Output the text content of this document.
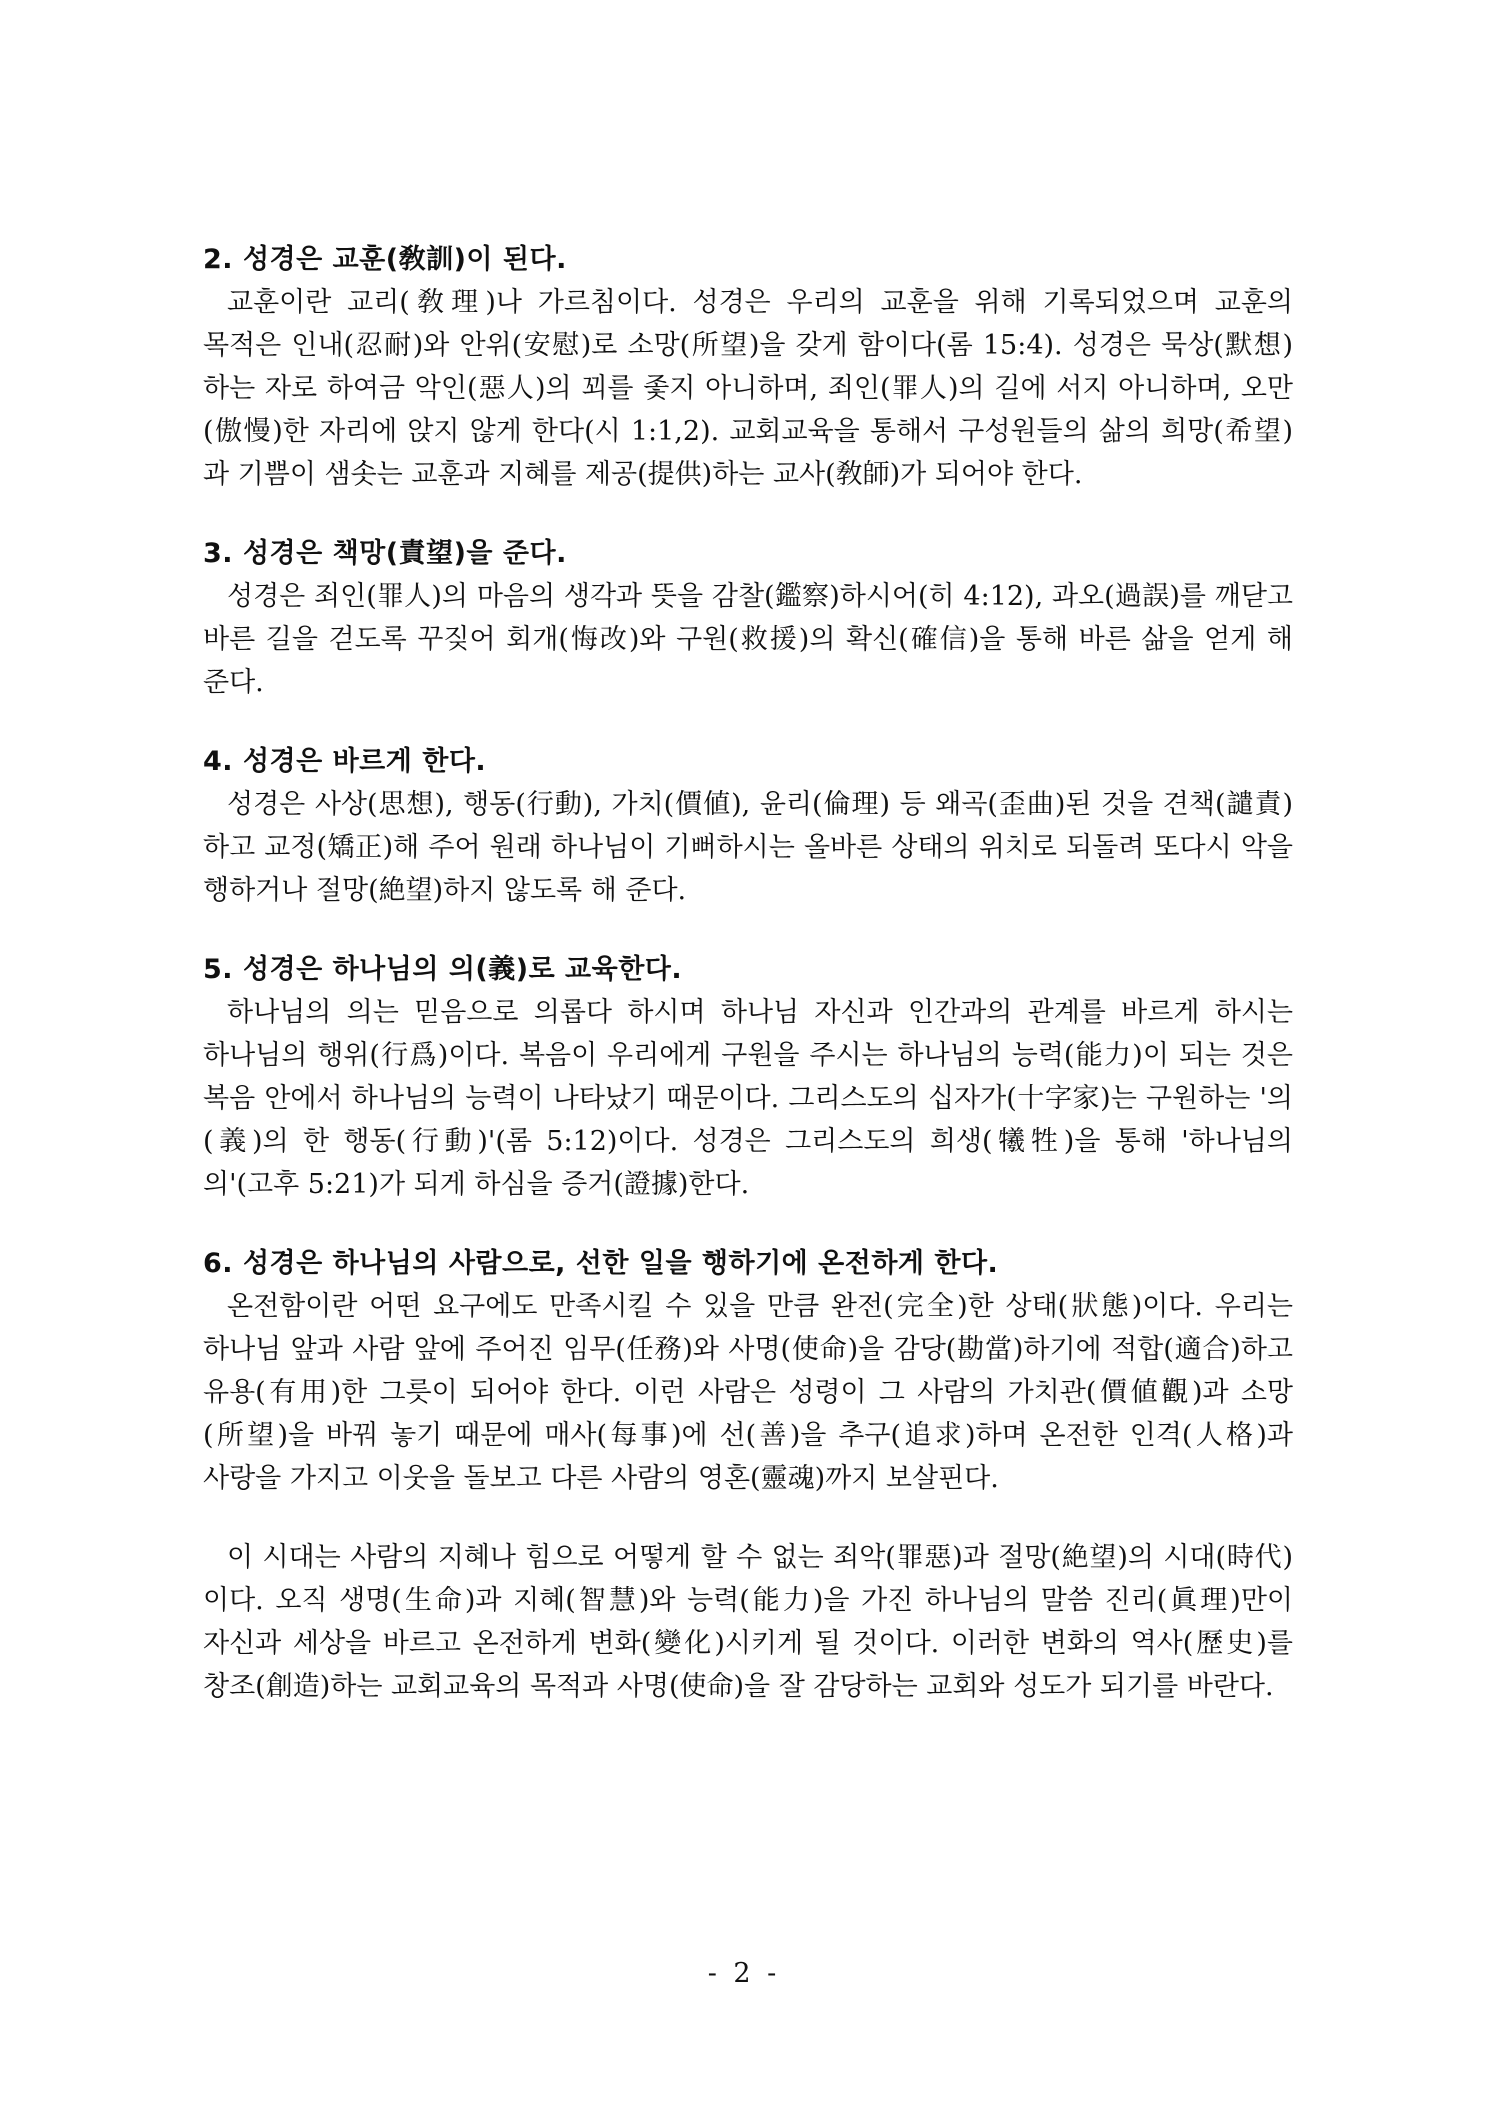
2. 성경은 교훈(敎訓)이 된다.

교훈이란 교리(敎理)나 가르침이다. 성경은 우리의 교훈을 위해 기록되었으며 교훈의 목적은 인내(忍耐)와 안위(安慰)로 소망(所望)을 갖게 함이다(롬 15:4). 성경은 묵상(默想)하는 자로 하여금 악인(惡人)의 꾀를 좇지 아니하며, 죄인(罪人)의 길에 서지 아니하며, 오만(傲慢)한 자리에 앉지 않게 한다(시 1:1,2). 교회교육을 통해서 구성원들의 삶의 희망(希望)과 기쁨이 샘솟는 교훈과 지혜를 제공(提供)하는 교사(敎師)가 되어야 한다.

3. 성경은 책망(責望)을 준다.

성경은 죄인(罪人)의 마음의 생각과 뜻을 감찰(鑑察)하시어(히 4:12), 과오(過誤)를 깨닫고 바른 길을 걷도록 꾸짖어 회개(悔改)와 구원(救援)의 확신(確信)을 통해 바른 삶을 얻게 해 준다.

4. 성경은 바르게 한다.

성경은 사상(思想), 행동(行動), 가치(價値), 윤리(倫理) 등 왜곡(歪曲)된 것을 견책(譴責)하고 교정(矯正)해 주어 원래 하나님이 기뻐하시는 올바른 상태의 위치로 되돌려 또다시 악을 행하거나 절망(絶望)하지 않도록 해 준다.

5. 성경은 하나님의 의(義)로 교육한다.

하나님의 의는 믿음으로 의롭다 하시며 하나님 자신과 인간과의 관계를 바르게 하시는 하나님의 행위(行爲)이다. 복음이 우리에게 구원을 주시는 하나님의 능력(能力)이 되는 것은 복음 안에서 하나님의 능력이 나타났기 때문이다. 그리스도의 십자가(十字家)는 구원하는 '의(義)의 한 행동(行動)'(롬 5:12)이다. 성경은 그리스도의 희생(犧牲)을 통해 '하나님의 의'(고후 5:21)가 되게 하심을 증거(證據)한다.

6. 성경은 하나님의 사람으로, 선한 일을 행하기에 온전하게 한다.

온전함이란 어떤 요구에도 만족시킬 수 있을 만큼 완전(完全)한 상태(狀態)이다. 우리는 하나님 앞과 사람 앞에 주어진 임무(任務)와 사명(使命)을 감당(勘當)하기에 적합(適合)하고 유용(有用)한 그릇이 되어야 한다. 이런 사람은 성령이 그 사람의 가치관(價値觀)과 소망(所望)을 바꿔 놓기 때문에 매사(每事)에 선(善)을 추구(追求)하며 온전한 인격(人格)과 사랑을 가지고 이웃을 돌보고 다른 사람의 영혼(靈魂)까지 보살핀다.

이 시대는 사람의 지혜나 힘으로 어떻게 할 수 없는 죄악(罪惡)과 절망(絶望)의 시대(時代)이다. 오직 생명(生命)과 지혜(智慧)와 능력(能力)을 가진 하나님의 말씀 진리(眞理)만이 자신과 세상을 바르고 온전하게 변화(變化)시키게 될 것이다. 이러한 변화의 역사(歷史)를 창조(創造)하는 교회교육의 목적과 사명(使命)을 잘 감당하는 교회와 성도가 되기를 바란다.

- 2 -
